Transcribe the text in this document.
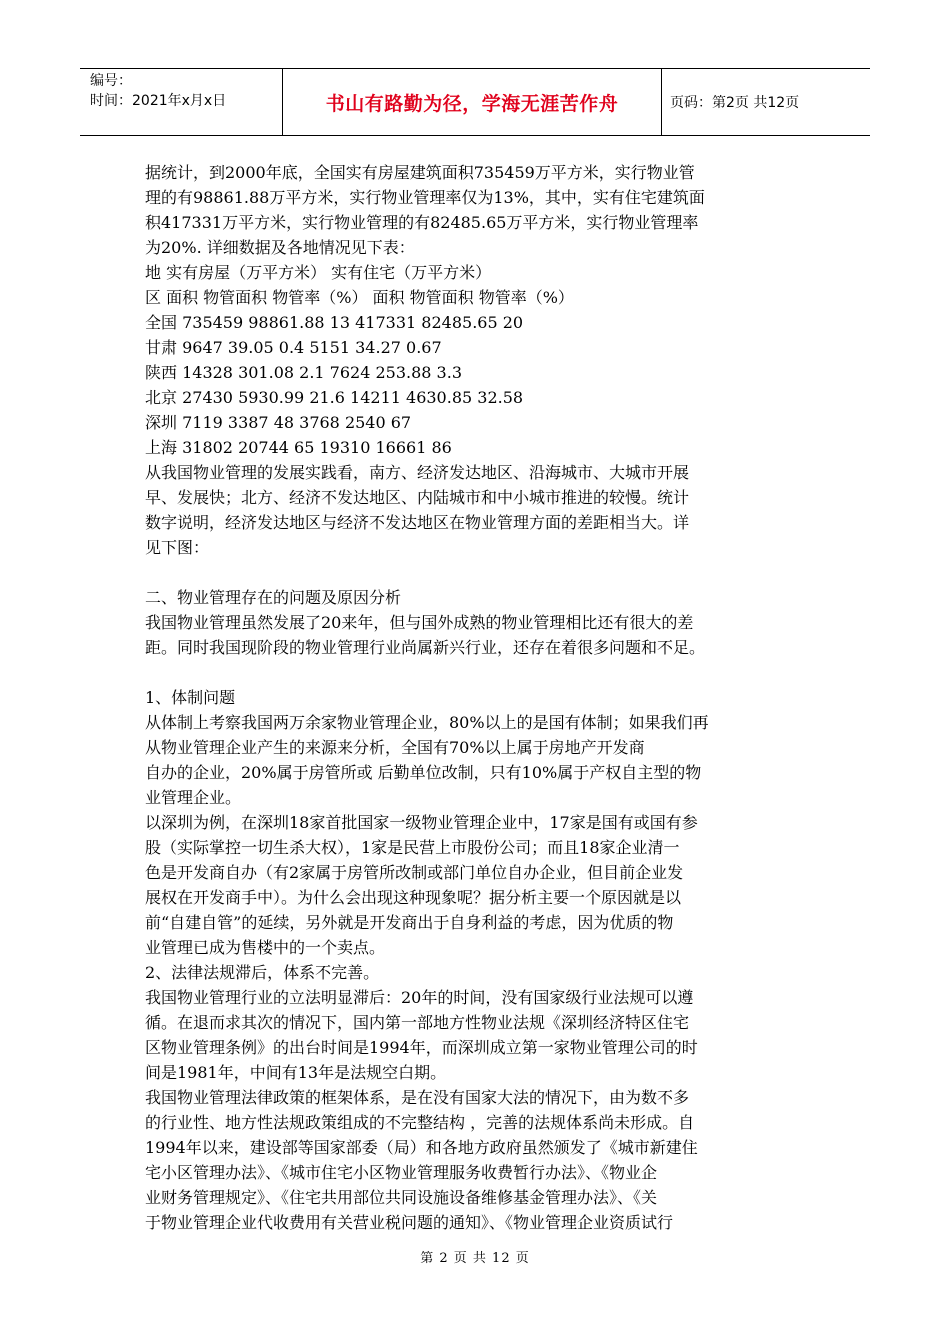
编号：
时间：2021年x月x日	书山有路勤为径，学海无涯苦作舟	页码：第2页 共12页

据统计，到2000年底，全国实有房屋建筑面积735459万平方米，实行物业管

理的有98861.88万平方米，实行物业管理率仅为13%，其中，实有住宅建筑面

积417331万平方米，实行物业管理的有82485.65万平方米，实行物业管理率

为20%. 详细数据及各地情况见下表：

地 实有房屋（万平方米） 实有住宅（万平方米）

区 面积 物管面积 物管率（%） 面积 物管面积 物管率（%）

全国 735459 98861.88 13 417331 82485.65 20

甘肃 9647 39.05 0.4 5151 34.27 0.67

陕西 14328 301.08 2.1 7624 253.88 3.3

北京 27430 5930.99 21.6 14211 4630.85 32.58

深圳 7119 3387 48 3768 2540 67

上海 31802 20744 65 19310 16661 86

从我国物业管理的发展实践看，南方、经济发达地区、沿海城市、大城市开展

早、发展快；北方、经济不发达地区、内陆城市和中小城市推进的较慢。统计

数字说明，经济发达地区与经济不发达地区在物业管理方面的差距相当大。详

见下图：

二、物业管理存在的问题及原因分析

我国物业管理虽然发展了20来年，但与国外成熟的物业管理相比还有很大的差

距。同时我国现阶段的物业管理行业尚属新兴行业，还存在着很多问题和不足。

1、体制问题

从体制上考察我国两万余家物业管理企业，80%以上的是国有体制；如果我们再

从物业管理企业产生的来源来分析，全国有70%以上属于房地产开发商

自办的企业，20%属于房管所或 后勤单位改制，只有10%属于产权自主型的物

业管理企业。

以深圳为例，在深圳18家首批国家一级物业管理企业中，17家是国有或国有参

股（实际掌控一切生杀大权），1家是民营上市股份公司；而且18家企业清一

色是开发商自办（有2家属于房管所改制或部门单位自办企业，但目前企业发

展权在开发商手中）。为什么会出现这种现象呢？据分析主要一个原因就是以

前“自建自管”的延续，另外就是开发商出于自身利益的考虑，因为优质的物

业管理已成为售楼中的一个卖点。

2、法律法规滞后，体系不完善。

我国物业管理行业的立法明显滞后：20年的时间，没有国家级行业法规可以遵

循。在退而求其次的情况下，国内第一部地方性物业法规《深圳经济特区住宅

区物业管理条例》的出台时间是1994年，而深圳成立第一家物业管理公司的时

间是1981年，中间有13年是法规空白期。

我国物业管理法律政策的框架体系，是在没有国家大法的情况下，由为数不多

的行业性、地方性法规政策组成的不完整结构 ，完善的法规体系尚未形成。自

1994年以来，建设部等国家部委（局）和各地方政府虽然颁发了《城市新建住

宅小区管理办法》、《城市住宅小区物业管理服务收费暂行办法》、《物业企

业财务管理规定》、《住宅共用部位共同设施设备维修基金管理办法》、《关

于物业管理企业代收费用有关营业税问题的通知》、《物业管理企业资质试行

第 2 页 共 12 页
